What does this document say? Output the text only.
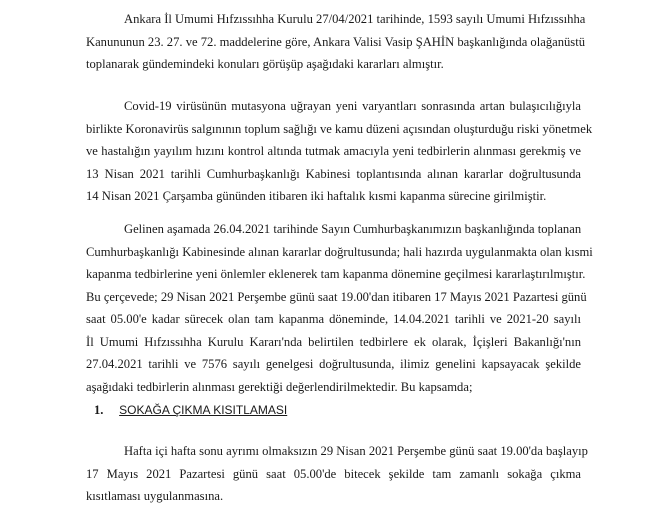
Ankara İl Umumi Hıfzıssıhha Kurulu 27/04/2021 tarihinde, 1593 sayılı Umumi Hıfzıssıhha
Kanununun 23. 27. ve 72. maddelerine göre, Ankara Valisi Vasip ŞAHİN başkanlığında olağanüstü
toplanarak gündemindeki konuları görüşüp aşağıdaki kararları almıştır.
Covid-19 virüsünün mutasyona uğrayan yeni varyantları sonrasında artan bulaşıcılığıyla
birlikte Koronavirüs salgınının toplum sağlığı ve kamu düzeni açısından oluşturduğu riski yönetmek
ve hastalığın yayılım hızını kontrol altında tutmak amacıyla yeni tedbirlerin alınması gerekmiş ve
13 Nisan 2021 tarihli Cumhurbaşkanlığı Kabinesi toplantısında alınan kararlar doğrultusunda
14 Nisan 2021 Çarşamba gününden itibaren iki haftalık kısmi kapanma sürecine girilmiştir.
Gelinen aşamada 26.04.2021 tarihinde Sayın Cumhurbaşkanımızın başkanlığında toplanan
Cumhurbaşkanlığı Kabinesinde alınan kararlar doğrultusunda; hali hazırda uygulanmakta olan kısmi
kapanma tedbirlerine yeni önlemler eklenerek tam kapanma dönemine geçilmesi kararlaştırılmıştır.
Bu çerçevede; 29 Nisan 2021 Perşembe günü saat 19.00'dan itibaren 17 Mayıs 2021 Pazartesi günü
saat 05.00'e kadar sürecek olan tam kapanma döneminde, 14.04.2021 tarihli ve 2021-20 sayılı
İl Umumi Hıfzıssıhha Kurulu Kararı'nda belirtilen tedbirlere ek olarak, İçişleri Bakanlığı'nın
27.04.2021 tarihli ve 7576 sayılı genelgesi doğrultusunda, ilimiz genelini kapsayacak şekilde
aşağıdaki tedbirlerin alınması gerektiği değerlendirilmektedir. Bu kapsamda;
1. SOKAĞA ÇIKMA KISITLAMASI
Hafta içi hafta sonu ayrımı olmaksızın 29 Nisan 2021 Perşembe günü saat 19.00'da başlayıp
17 Mayıs 2021 Pazartesi günü saat 05.00'de bitecek şekilde tam zamanlı sokağa çıkma
kısıtlaması uygulanmasına.
